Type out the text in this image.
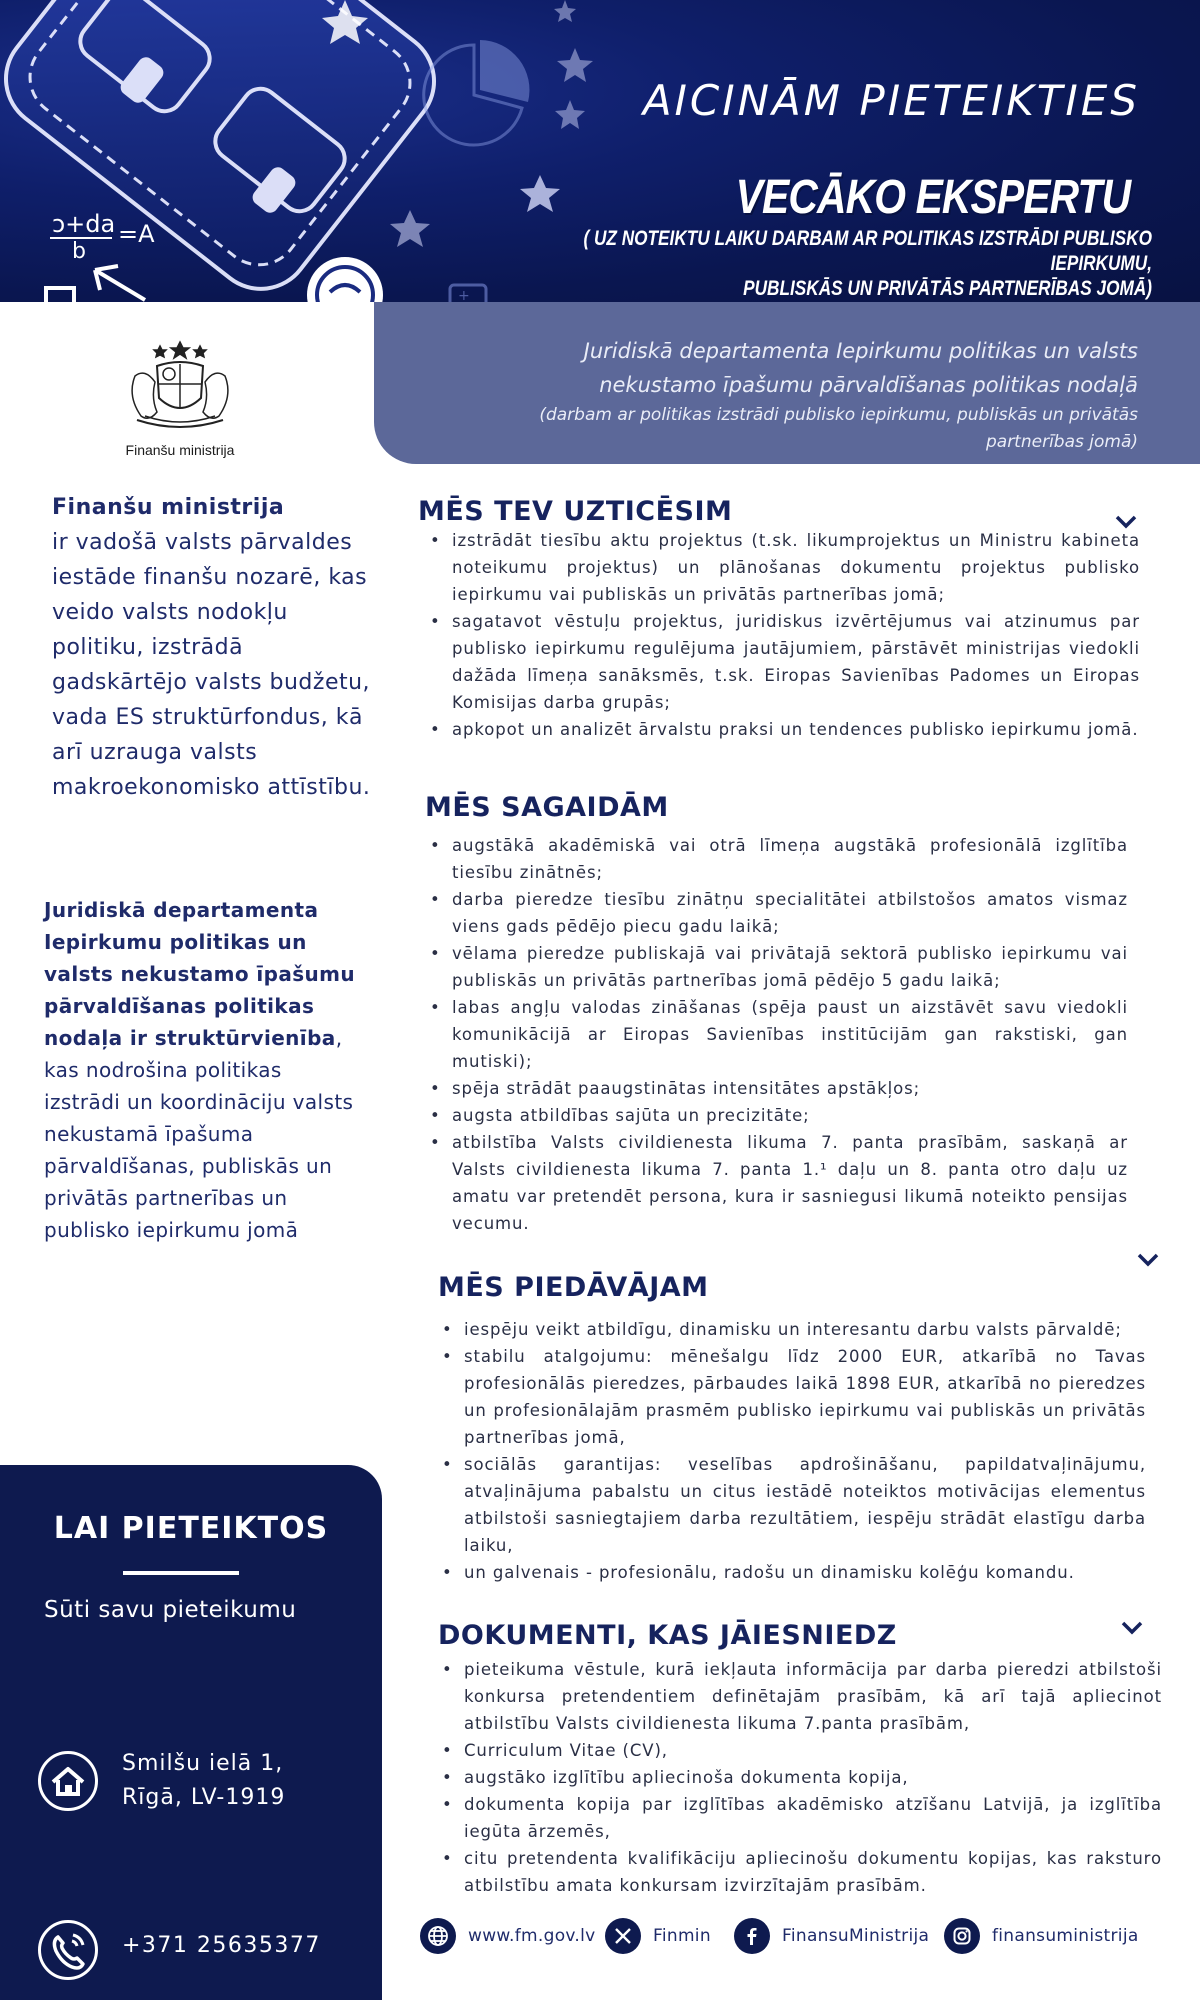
ɔ+da
b
=A
+
AICINĀM PIETEIKTIES
VECĀKO EKSPERTU
( UZ NOTEIKTU LAIKU DARBAM AR POLITIKAS IZSTRĀDI PUBLISKO IEPIRKUMU,
PUBLISKĀS UN PRIVĀTĀS PARTNERĪBAS JOMĀ)
Juridiskā departamenta Iepirkumu politikas un valsts
nekustamo īpašumu pārvaldīšanas politikas nodaļā
(darbam ar politikas izstrādi publisko iepirkumu, publiskās un privātās
partnerības jomā)
Finanšu ministrija
Finanšu ministrija
ir vadošā valsts pārvaldes iestāde finanšu nozarē, kas veido valsts nodokļu politiku, izstrādā gadskārtējo valsts budžetu, vada ES struktūrfondus, kā arī uzrauga valsts makroekonomisko attīstību.
Juridiskā departamenta Iepirkumu politikas un valsts nekustamo īpašumu pārvaldīšanas politikas nodaļa ir struktūrvienība, kas nodrošina politikas izstrādi un koordināciju valsts nekustamā īpašuma pārvaldīšanas, publiskās un privātās partnerības un publisko iepirkumu jomā
LAI PIETEIKTOS
Sūti savu pieteikumu
Smilšu ielā 1,
Rīgā, LV-1919
+371 25635377
MĒS TEV UZTICĒSIM
• izstrādāt tiesību aktu projektus (t.sk. likumprojektus un Ministru kabineta noteikumu projektus) un plānošanas dokumentu projektus publisko iepirkumu vai publiskās un privātās partnerības jomā;
• sagatavot vēstuļu projektus, juridiskus izvērtējumus vai atzinumus par publisko iepirkumu regulējuma jautājumiem, pārstāvēt ministrijas viedokli dažāda līmeņa sanāksmēs, t.sk. Eiropas Savienības Padomes un Eiropas Komisijas darba grupās;
• apkopot un analizēt ārvalstu praksi un tendences publisko iepirkumu jomā.
MĒS SAGAIDĀM
• augstākā akadēmiskā vai otrā līmeņa augstākā profesionālā izglītība tiesību zinātnēs;
• darba pieredze tiesību zinātņu specialitātei atbilstošos amatos vismaz viens gads pēdējo piecu gadu laikā;
• vēlama pieredze publiskajā vai privātajā sektorā publisko iepirkumu vai publiskās un privātās partnerības jomā pēdējo 5 gadu laikā;
• labas angļu valodas zināšanas (spēja paust un aizstāvēt savu viedokli komunikācijā ar Eiropas Savienības institūcijām gan rakstiski, gan mutiski);
• spēja strādāt paaugstinātas intensitātes apstākļos;
• augsta atbildības sajūta un precizitāte;
• atbilstība Valsts civildienesta likuma 7. panta prasībām, saskaņā ar Valsts civildienesta likuma 7. panta 1.¹ daļu un 8. panta otro daļu uz amatu var pretendēt persona, kura ir sasniegusi likumā noteikto pensijas vecumu.
MĒS PIEDĀVĀJAM
• iespēju veikt atbildīgu, dinamisku un interesantu darbu valsts pārvaldē;
• stabilu atalgojumu: mēnešalgu līdz 2000 EUR, atkarībā no Tavas profesionālās pieredzes, pārbaudes laikā 1898 EUR, atkarībā no pieredzes un profesionālajām prasmēm publisko iepirkumu vai publiskās un privātās partnerības jomā,
• sociālās garantijas: veselības apdrošināšanu, papildatvaļinājumu, atvaļinājuma pabalstu un citus iestādē noteiktos motivācijas elementus atbilstoši sasniegtajiem darba rezultātiem, iespēju strādāt elastīgu darba laiku,
• un galvenais - profesionālu, radošu un dinamisku kolēģu komandu.
DOKUMENTI, KAS JĀIESNIEDZ
• pieteikuma vēstule, kurā iekļauta informācija par darba pieredzi atbilstoši konkursa pretendentiem definētajām prasībām, kā arī tajā apliecinot atbilstību Valsts civildienesta likuma 7.panta prasībām,
• Curriculum Vitae (CV),
• augstāko izglītību apliecinoša dokumenta kopija,
• dokumenta kopija par izglītības akadēmisko atzīšanu Latvijā, ja izglītība iegūta ārzemēs,
• citu pretendenta kvalifikāciju apliecinošu dokumentu kopijas, kas raksturo atbilstību amata konkursam izvirzītajām prasībām.
www.fm.gov.lv	Finmin	FinansuMinistrija	finansuministrija
